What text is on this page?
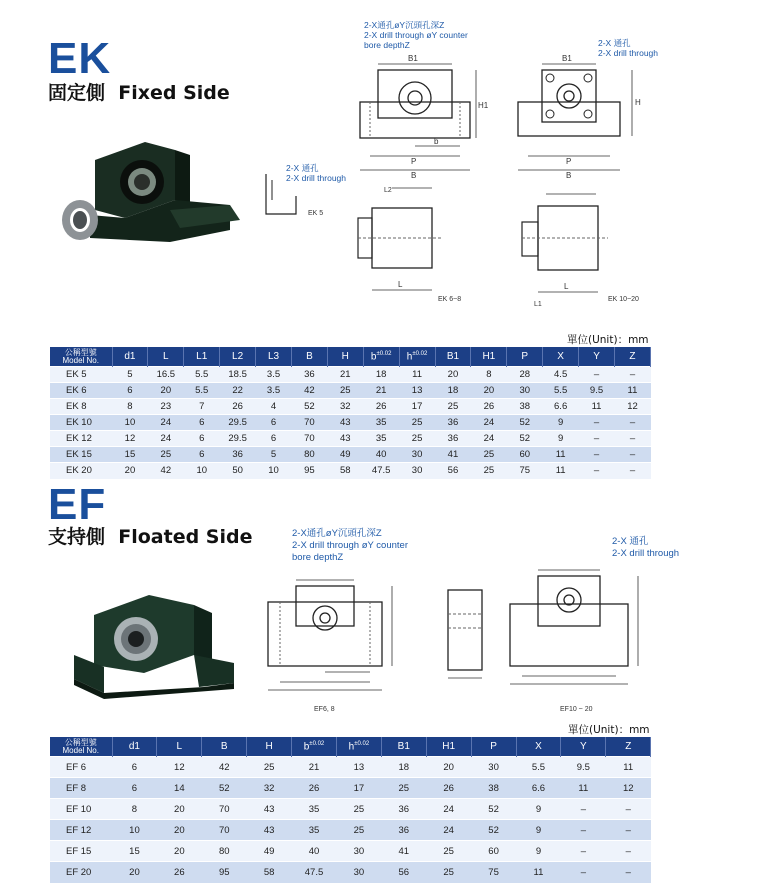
EK
固定側 Fixed Side
2-X通孔øY沉頭孔深Z
2-X drill through øY counter
bore depthZ	2-X 通孔
2-X drill through
B1
B
P
b
H1
B1
B
P
H
2-X 通孔
2-X drill through
EK 5
L
L2
EK 6~8
L
L1
EK 10~20
單位(Unit)：mm
公稱型號
Model No.	d1	L	L1	L2	L3	B	H	$b^{\pm 0.02}$	$h^{\pm 0.02}$	B1	H1	P	X	Y	Z
EK 5	5	16.5	5.5	18.5	3.5	36	21	18	11	20	8	28	4.5	–	–
EK 6	6	20	5.5	22	3.5	42	25	21	13	18	20	30	5.5	9.5	11
EK 8	8	23	7	26	4	52	32	26	17	25	26	38	6.6	11	12
EK 10	10	24	6	29.5	6	70	43	35	25	36	24	52	9	–	–
EK 12	12	24	6	29.5	6	70	43	35	25	36	24	52	9	–	–
EK 15	15	25	6	36	5	80	49	40	30	41	25	60	11	–	–
EK 20	20	42	10	50	10	95	58	47.5	30	56	25	75	11	–	–
EF
支持側 Floated Side	2-X通孔øY沉頭孔深Z
2-X drill through øY counter
bore depthZ
2-X 通孔
2-X drill through
EF6, 8	EF10 ~ 20
單位(Unit)：mm
公稱型號
Model No.	d1	L	B	H	$b^{\pm 0.02}$	$h^{\pm 0.02}$	B1	H1	P	X	Y	Z
EF 6	6	12	42	25	21	13	18	20	30	5.5	9.5	11
EF 8	6	14	52	32	26	17	25	26	38	6.6	11	12
EF 10	8	20	70	43	35	25	36	24	52	9	–	–
EF 12	10	20	70	43	35	25	36	24	52	9	–	–
EF 15	15	20	80	49	40	30	41	25	60	9	–	–
EF 20	20	26	95	58	47.5	30	56	25	75	11	–	–
